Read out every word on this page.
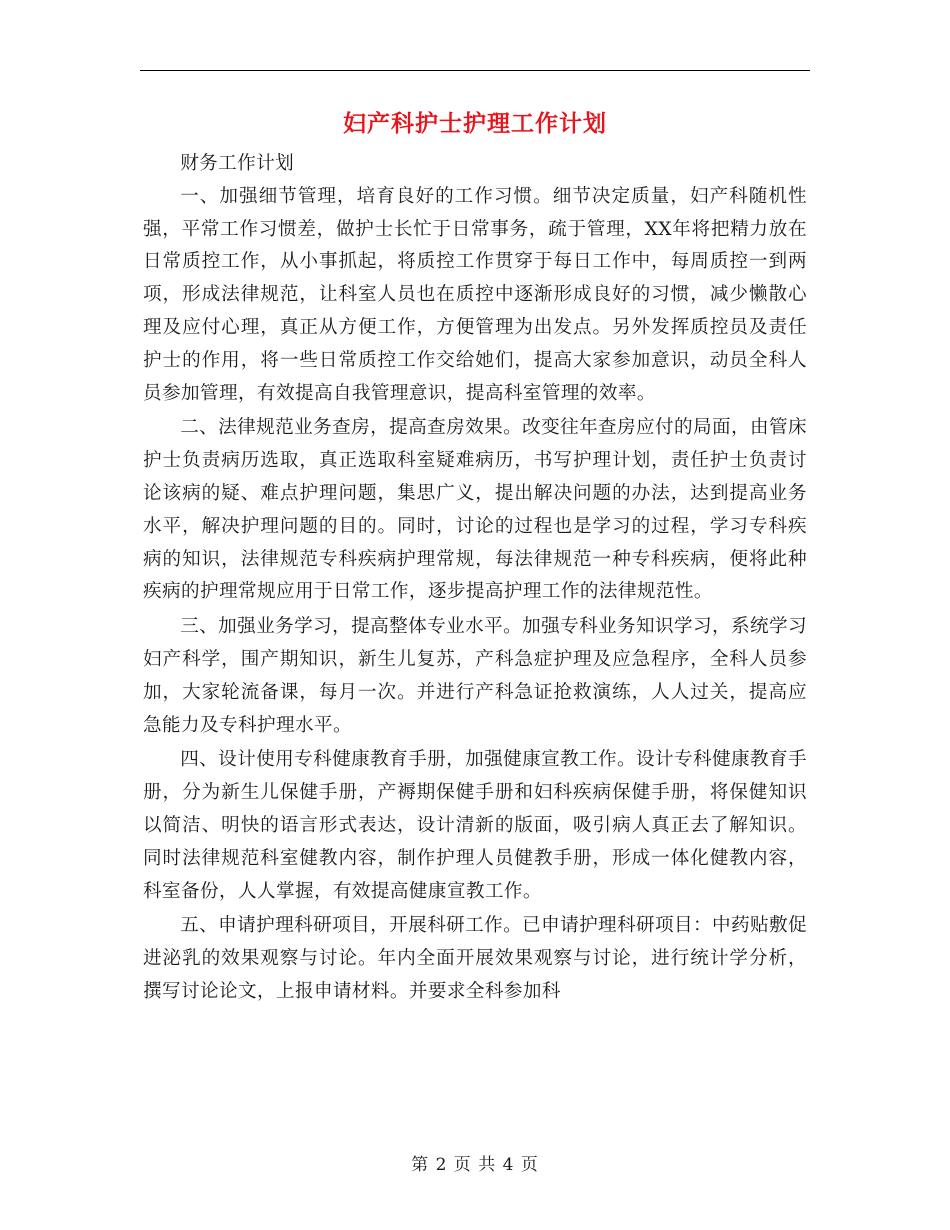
妇产科护士护理工作计划

财务工作计划

一、加强细节管理，培育良好的工作习惯。细节决定质量，妇产科随机性强，平常工作习惯差，做护士长忙于日常事务，疏于管理，XX年将把精力放在日常质控工作，从小事抓起，将质控工作贯穿于每日工作中，每周质控一到两项，形成法律规范，让科室人员也在质控中逐渐形成良好的习惯，减少懒散心理及应付心理，真正从方便工作，方便管理为出发点。另外发挥质控员及责任护士的作用，将一些日常质控工作交给她们，提高大家参加意识，动员全科人员参加管理，有效提高自我管理意识，提高科室管理的效率。

二、法律规范业务查房，提高查房效果。改变往年查房应付的局面，由管床护士负责病历选取，真正选取科室疑难病历，书写护理计划，责任护士负责讨论该病的疑、难点护理问题，集思广义，提出解决问题的办法，达到提高业务水平，解决护理问题的目的。同时，讨论的过程也是学习的过程，学习专科疾病的知识，法律规范专科疾病护理常规，每法律规范一种专科疾病，便将此种疾病的护理常规应用于日常工作，逐步提高护理工作的法律规范性。

三、加强业务学习，提高整体专业水平。加强专科业务知识学习，系统学习妇产科学，围产期知识，新生儿复苏，产科急症护理及应急程序，全科人员参加，大家轮流备课，每月一次。并进行产科急证抢救演练，人人过关，提高应急能力及专科护理水平。

四、设计使用专科健康教育手册，加强健康宣教工作。设计专科健康教育手册，分为新生儿保健手册，产褥期保健手册和妇科疾病保健手册，将保健知识以简洁、明快的语言形式表达，设计清新的版面，吸引病人真正去了解知识。同时法律规范科室健教内容，制作护理人员健教手册，形成一体化健教内容，科室备份，人人掌握，有效提高健康宣教工作。

五、申请护理科研项目，开展科研工作。已申请护理科研项目：中药贴敷促进泌乳的效果观察与讨论。年内全面开展效果观察与讨论，进行统计学分析，撰写讨论论文，上报申请材料。并要求全科参加科

第 2 页 共 4 页
